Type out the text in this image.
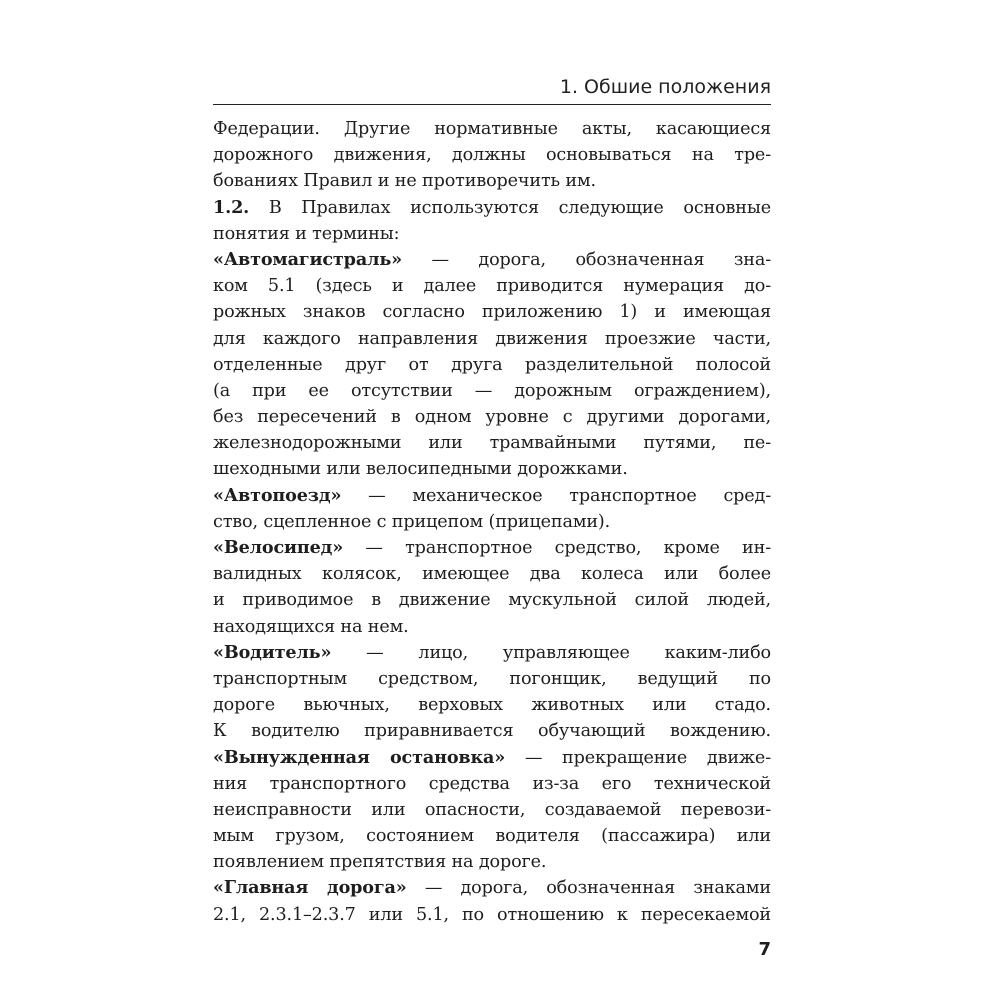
1. Обшие положения
Федерации. Другие нормативные акты, касающиеся
дорожного движения, должны основываться на тре-
бованиях Правил и не противоречить им.
1.2. В Правилах используются следующие основные
понятия и термины:
«Автомагистраль» — дорога, обозначенная зна-
ком 5.1 (здесь и далее приводится нумерация до-
рожных знаков согласно приложению 1) и имеющая
для каждого направления движения проезжие части,
отделенные друг от друга разделительной полосой
(а при ее отсутствии — дорожным ограждением),
без пересечений в одном уровне с другими дорогами,
железнодорожными или трамвайными путями, пе-
шеходными или велосипедными дорожками.
«Автопоезд» — механическое транспортное сред-
ство, сцепленное с прицепом (прицепами).
«Велосипед» — транспортное средство, кроме ин-
валидных колясок, имеющее два колеса или более
и приводимое в движение мускульной силой людей,
находящихся на нем.
«Водитель» — лицо, управляющее каким-либо
транспортным средством, погонщик, ведущий по
дороге вьючных, верховых животных или стадо.
К водителю приравнивается обучающий вождению.
«Вынужденная остановка» — прекращение движе-
ния транспортного средства из-за его технической
неисправности или опасности, создаваемой перевози-
мым грузом, состоянием водителя (пассажира) или
появлением препятствия на дороге.
«Главная дорога» — дорога, обозначенная знаками
2.1, 2.3.1–2.3.7 или 5.1, по отношению к пересекаемой
7
